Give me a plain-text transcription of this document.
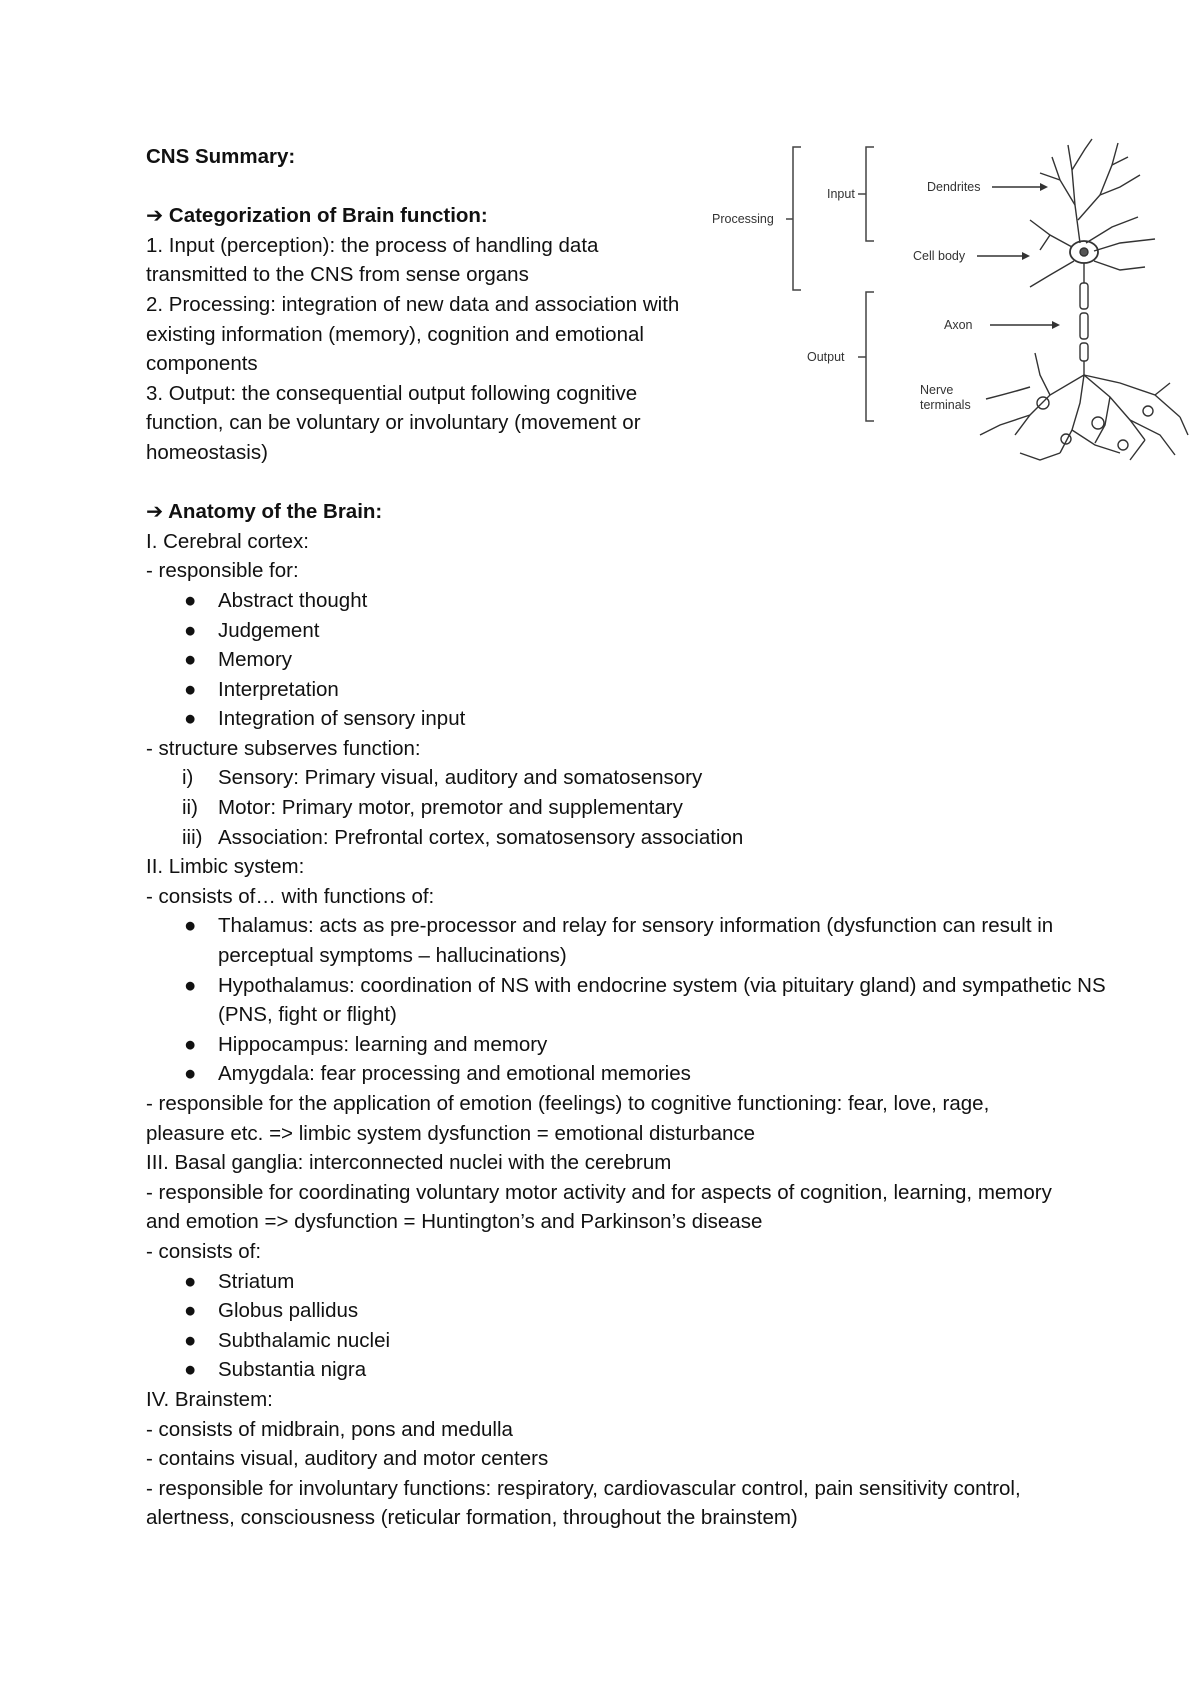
Processing
Input
Output
Dendrites
Cell body
Axon
Nerve
terminals
CNS Summary:
➔ Categorization of Brain function:
1. Input (perception): the process of handling data transmitted to the CNS from sense organs
2. Processing: integration of new data and association with existing information (memory), cognition and emotional components
3. Output: the consequential output following cognitive function, can be voluntary or involuntary (movement or homeostasis)
➔ Anatomy of the Brain:
I. Cerebral cortex:
- responsible for:
● Abstract thought
● Judgement
● Memory
● Interpretation
● Integration of sensory input
- structure subserves function:
i)	Sensory: Primary visual, auditory and somatosensory
ii) Motor: Primary motor, premotor and supplementary
iii) Association: Prefrontal cortex, somatosensory association
II. Limbic system:
- consists of… with functions of:
● Thalamus: acts as pre-processor and relay for sensory information (dysfunction can result in perceptual symptoms – hallucinations)
● Hypothalamus: coordination of NS with endocrine system (via pituitary gland) and sympathetic NS (PNS, fight or flight)
● Hippocampus: learning and memory
● Amygdala: fear processing and emotional memories
- responsible for the application of emotion (feelings) to cognitive functioning: fear, love, rage, pleasure etc. => limbic system dysfunction = emotional disturbance
III. Basal ganglia: interconnected nuclei with the cerebrum
- responsible for coordinating voluntary motor activity and for aspects of cognition, learning, memory and emotion => dysfunction = Huntington’s and Parkinson’s disease
- consists of:
● Striatum
● Globus pallidus
● Subthalamic nuclei
● Substantia nigra
IV. Brainstem:
- consists of midbrain, pons and medulla
- contains visual, auditory and motor centers
- responsible for involuntary functions: respiratory, cardiovascular control, pain sensitivity control, alertness, consciousness (reticular formation, throughout the brainstem)
